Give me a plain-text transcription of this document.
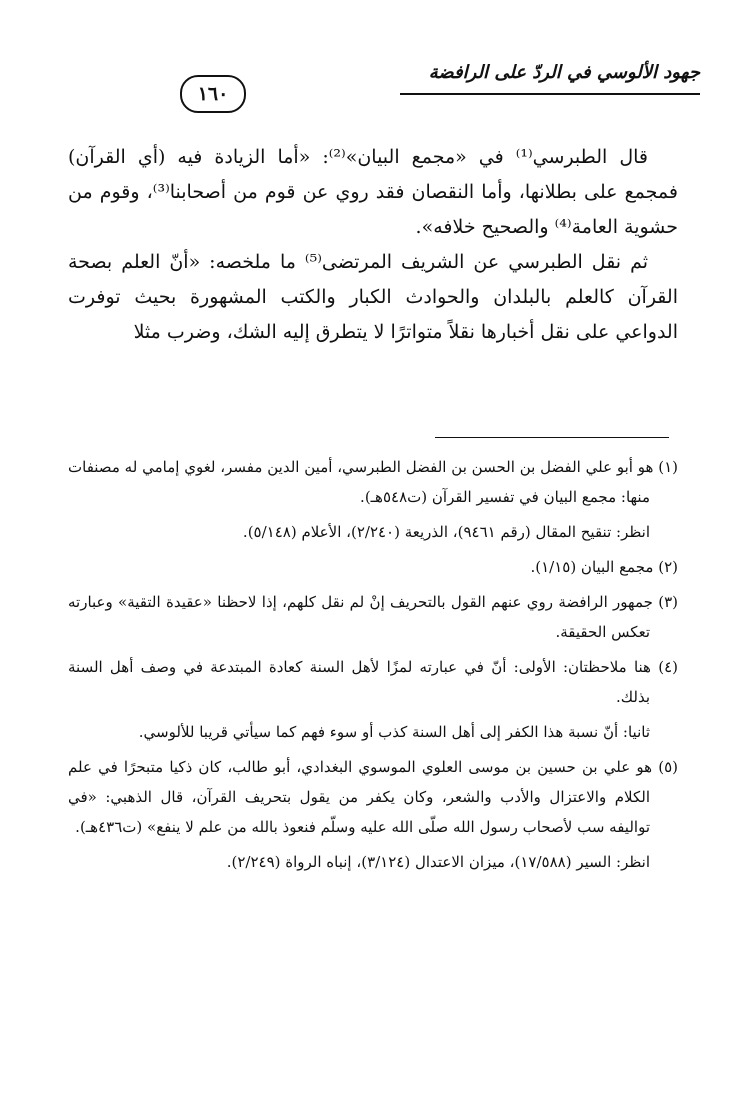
جهود الألوسي في الردّ على الرافضة
١٦٠

قال الطبرسي⁽¹⁾ في «مجمع البيان»⁽²⁾: «أما الزيادة فيه (أي القرآن) فمجمع على بطلانها، وأما النقصان فقد روي عن قوم من أصحابنا⁽³⁾، وقوم من حشوية العامة⁽⁴⁾ والصحيح خلافه».

ثم نقل الطبرسي عن الشريف المرتضى⁽⁵⁾ ما ملخصه: «أنّ العلم بصحة القرآن كالعلم بالبلدان والحوادث الكبار والكتب المشهورة بحيث توفرت الدواعي على نقل أخبارها نقلاً متواترًا لا يتطرق إليه الشك، وضرب مثلا

(١) هو أبو علي الفضل بن الحسن بن الفضل الطبرسي، أمين الدين مفسر، لغوي إمامي له مصنفات منها: مجمع البيان في تفسير القرآن (ت٥٤٨هـ).

انظر: تنقيح المقال (رقم ٩٤٦١)، الذريعة (٢/٢٤٠)، الأعلام (٥/١٤٨).

(٢) مجمع البيان (١/١٥).

(٣) جمهور الرافضة روي عنهم القول بالتحريف إنْ لم نقل كلهم، إذا لاحظنا «عقيدة التقية» وعبارته تعكس الحقيقة.

(٤) هنا ملاحظتان: الأولى: أنّ في عبارته لمزًا لأهل السنة كعادة المبتدعة في وصف أهل السنة بذلك.

ثانيا: أنّ نسبة هذا الكفر إلى أهل السنة كذب أو سوء فهم كما سيأتي قريبا للألوسي.

(٥) هو علي بن حسين بن موسى العلوي الموسوي البغدادي، أبو طالب، كان ذكيا متبحرًا في علم الكلام والاعتزال والأدب والشعر، وكان يكفر من يقول بتحريف القرآن، قال الذهبي: «في تواليفه سب لأصحاب رسول الله صلّى الله عليه وسلّم فنعوذ بالله من علم لا ينفع» (ت٤٣٦هـ).

انظر: السير (١٧/٥٨٨)، ميزان الاعتدال (٣/١٢٤)، إنباه الرواة (٢/٢٤٩).
